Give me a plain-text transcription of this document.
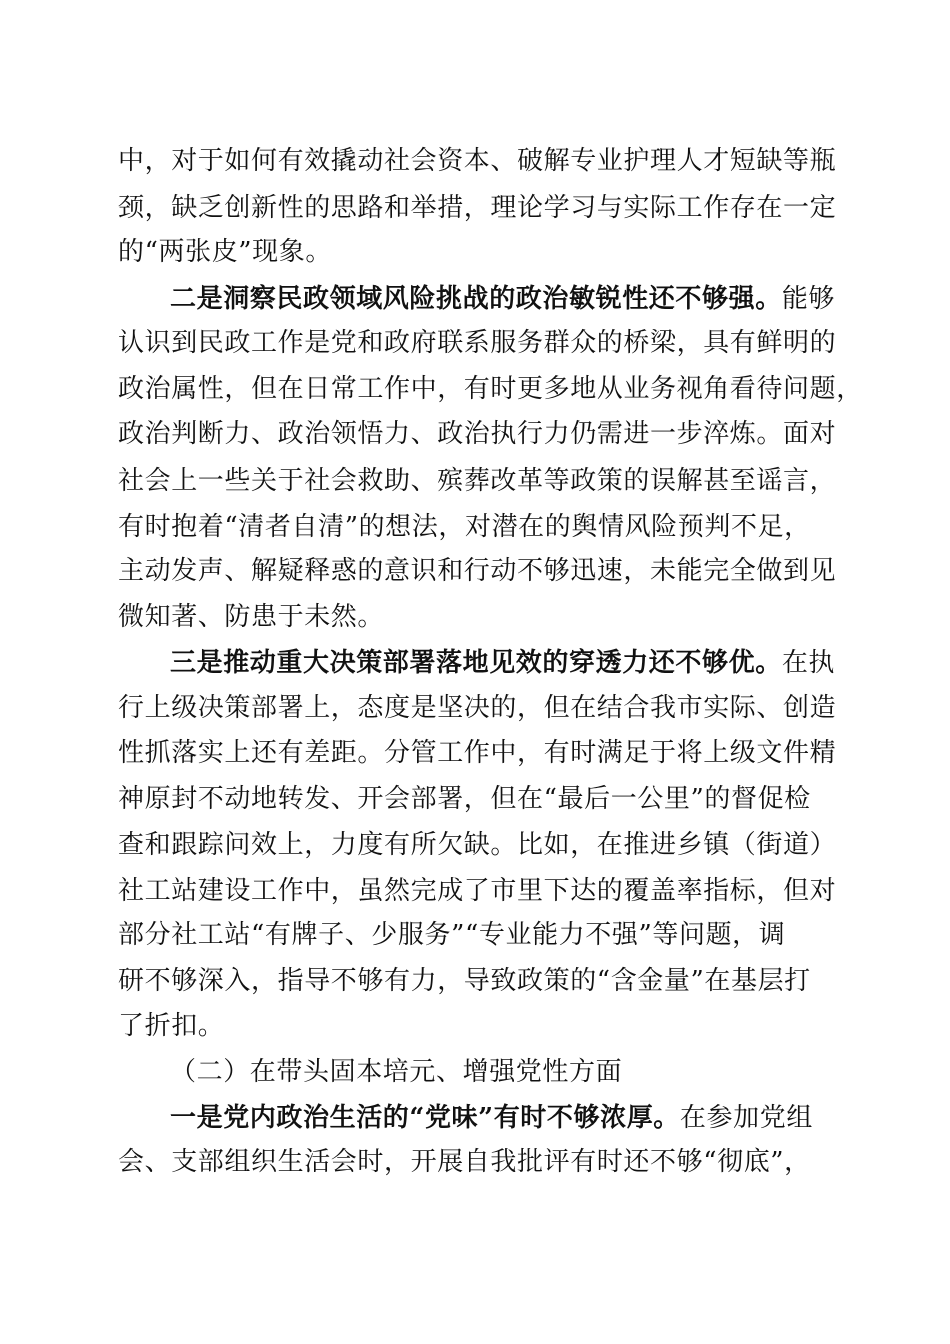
中，对于如何有效撬动社会资本、破解专业护理人才短缺等瓶
颈，缺乏创新性的思路和举措，理论学习与实际工作存在一定
的“两张皮”现象。
二是洞察民政领域风险挑战的政治敏锐性还不够强。能够
认识到民政工作是党和政府联系服务群众的桥梁，具有鲜明的
政治属性，但在日常工作中，有时更多地从业务视角看待问题，
政治判断力、政治领悟力、政治执行力仍需进一步淬炼。面对
社会上一些关于社会救助、殡葬改革等政策的误解甚至谣言，
有时抱着“清者自清”的想法，对潜在的舆情风险预判不足，
主动发声、解疑释惑的意识和行动不够迅速，未能完全做到见
微知著、防患于未然。
三是推动重大决策部署落地见效的穿透力还不够优。在执
行上级决策部署上，态度是坚决的，但在结合我市实际、创造
性抓落实上还有差距。分管工作中，有时满足于将上级文件精
神原封不动地转发、开会部署，但在“最后一公里”的督促检
查和跟踪问效上，力度有所欠缺。比如，在推进乡镇（街道）
社工站建设工作中，虽然完成了市里下达的覆盖率指标，但对
部分社工站“有牌子、少服务”“专业能力不强”等问题，调
研不够深入，指导不够有力，导致政策的“含金量”在基层打
了折扣。
（二）在带头固本培元、增强党性方面
一是党内政治生活的“党味”有时不够浓厚。在参加党组
会、支部组织生活会时，开展自我批评有时还不够“彻底”，
